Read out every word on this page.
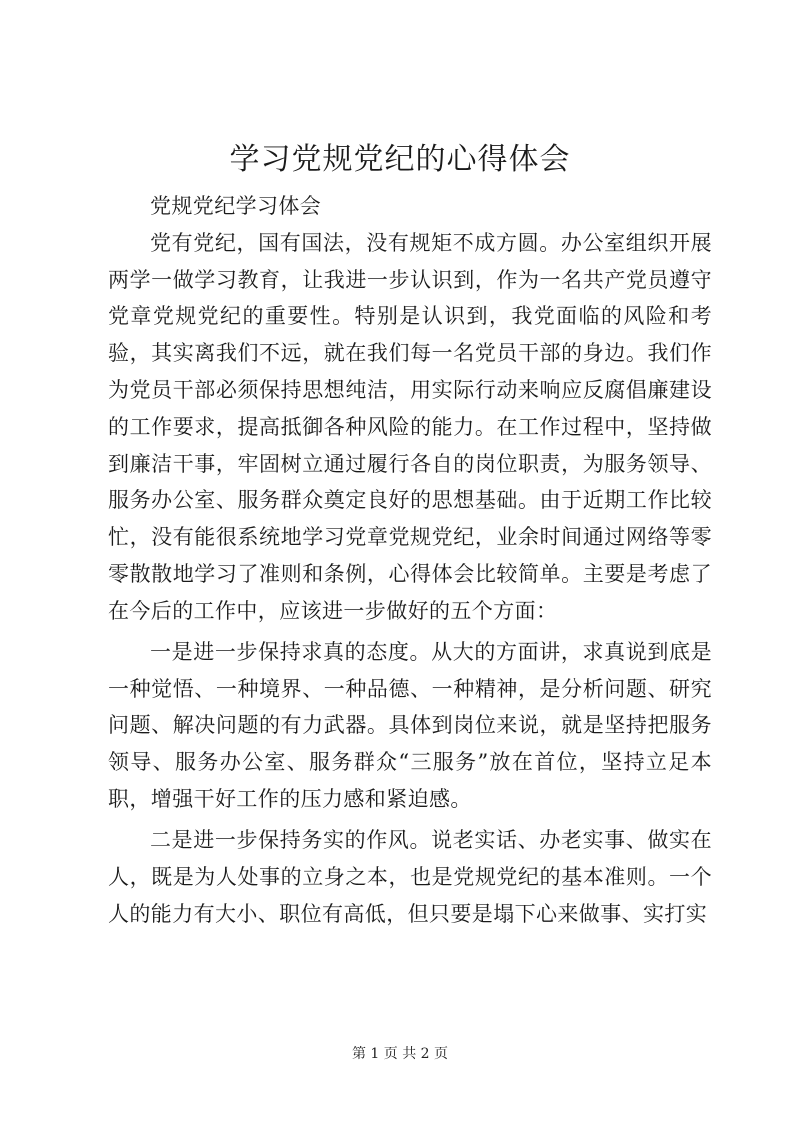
学习党规党纪的心得体会

党规党纪学习体会

党有党纪，国有国法，没有规矩不成方圆。办公室组织开展两学一做学习教育，让我进一步认识到，作为一名共产党员遵守党章党规党纪的重要性。特别是认识到，我党面临的风险和考验，其实离我们不远，就在我们每一名党员干部的身边。我们作为党员干部必须保持思想纯洁，用实际行动来响应反腐倡廉建设的工作要求，提高抵御各种风险的能力。在工作过程中，坚持做到廉洁干事，牢固树立通过履行各自的岗位职责，为服务领导、服务办公室、服务群众奠定良好的思想基础。由于近期工作比较忙，没有能很系统地学习党章党规党纪，业余时间通过网络等零零散散地学习了准则和条例，心得体会比较简单。主要是考虑了在今后的工作中，应该进一步做好的五个方面：

一是进一步保持求真的态度。从大的方面讲，求真说到底是一种觉悟、一种境界、一种品德、一种精神，是分析问题、研究问题、解决问题的有力武器。具体到岗位来说，就是坚持把服务领导、服务办公室、服务群众“三服务”放在首位，坚持立足本职，增强干好工作的压力感和紧迫感。

二是进一步保持务实的作风。说老实话、办老实事、做实在人，既是为人处事的立身之本，也是党规党纪的基本准则。一个人的能力有大小、职位有高低，但只要是塌下心来做事、实打实

第 1 页 共 2 页
